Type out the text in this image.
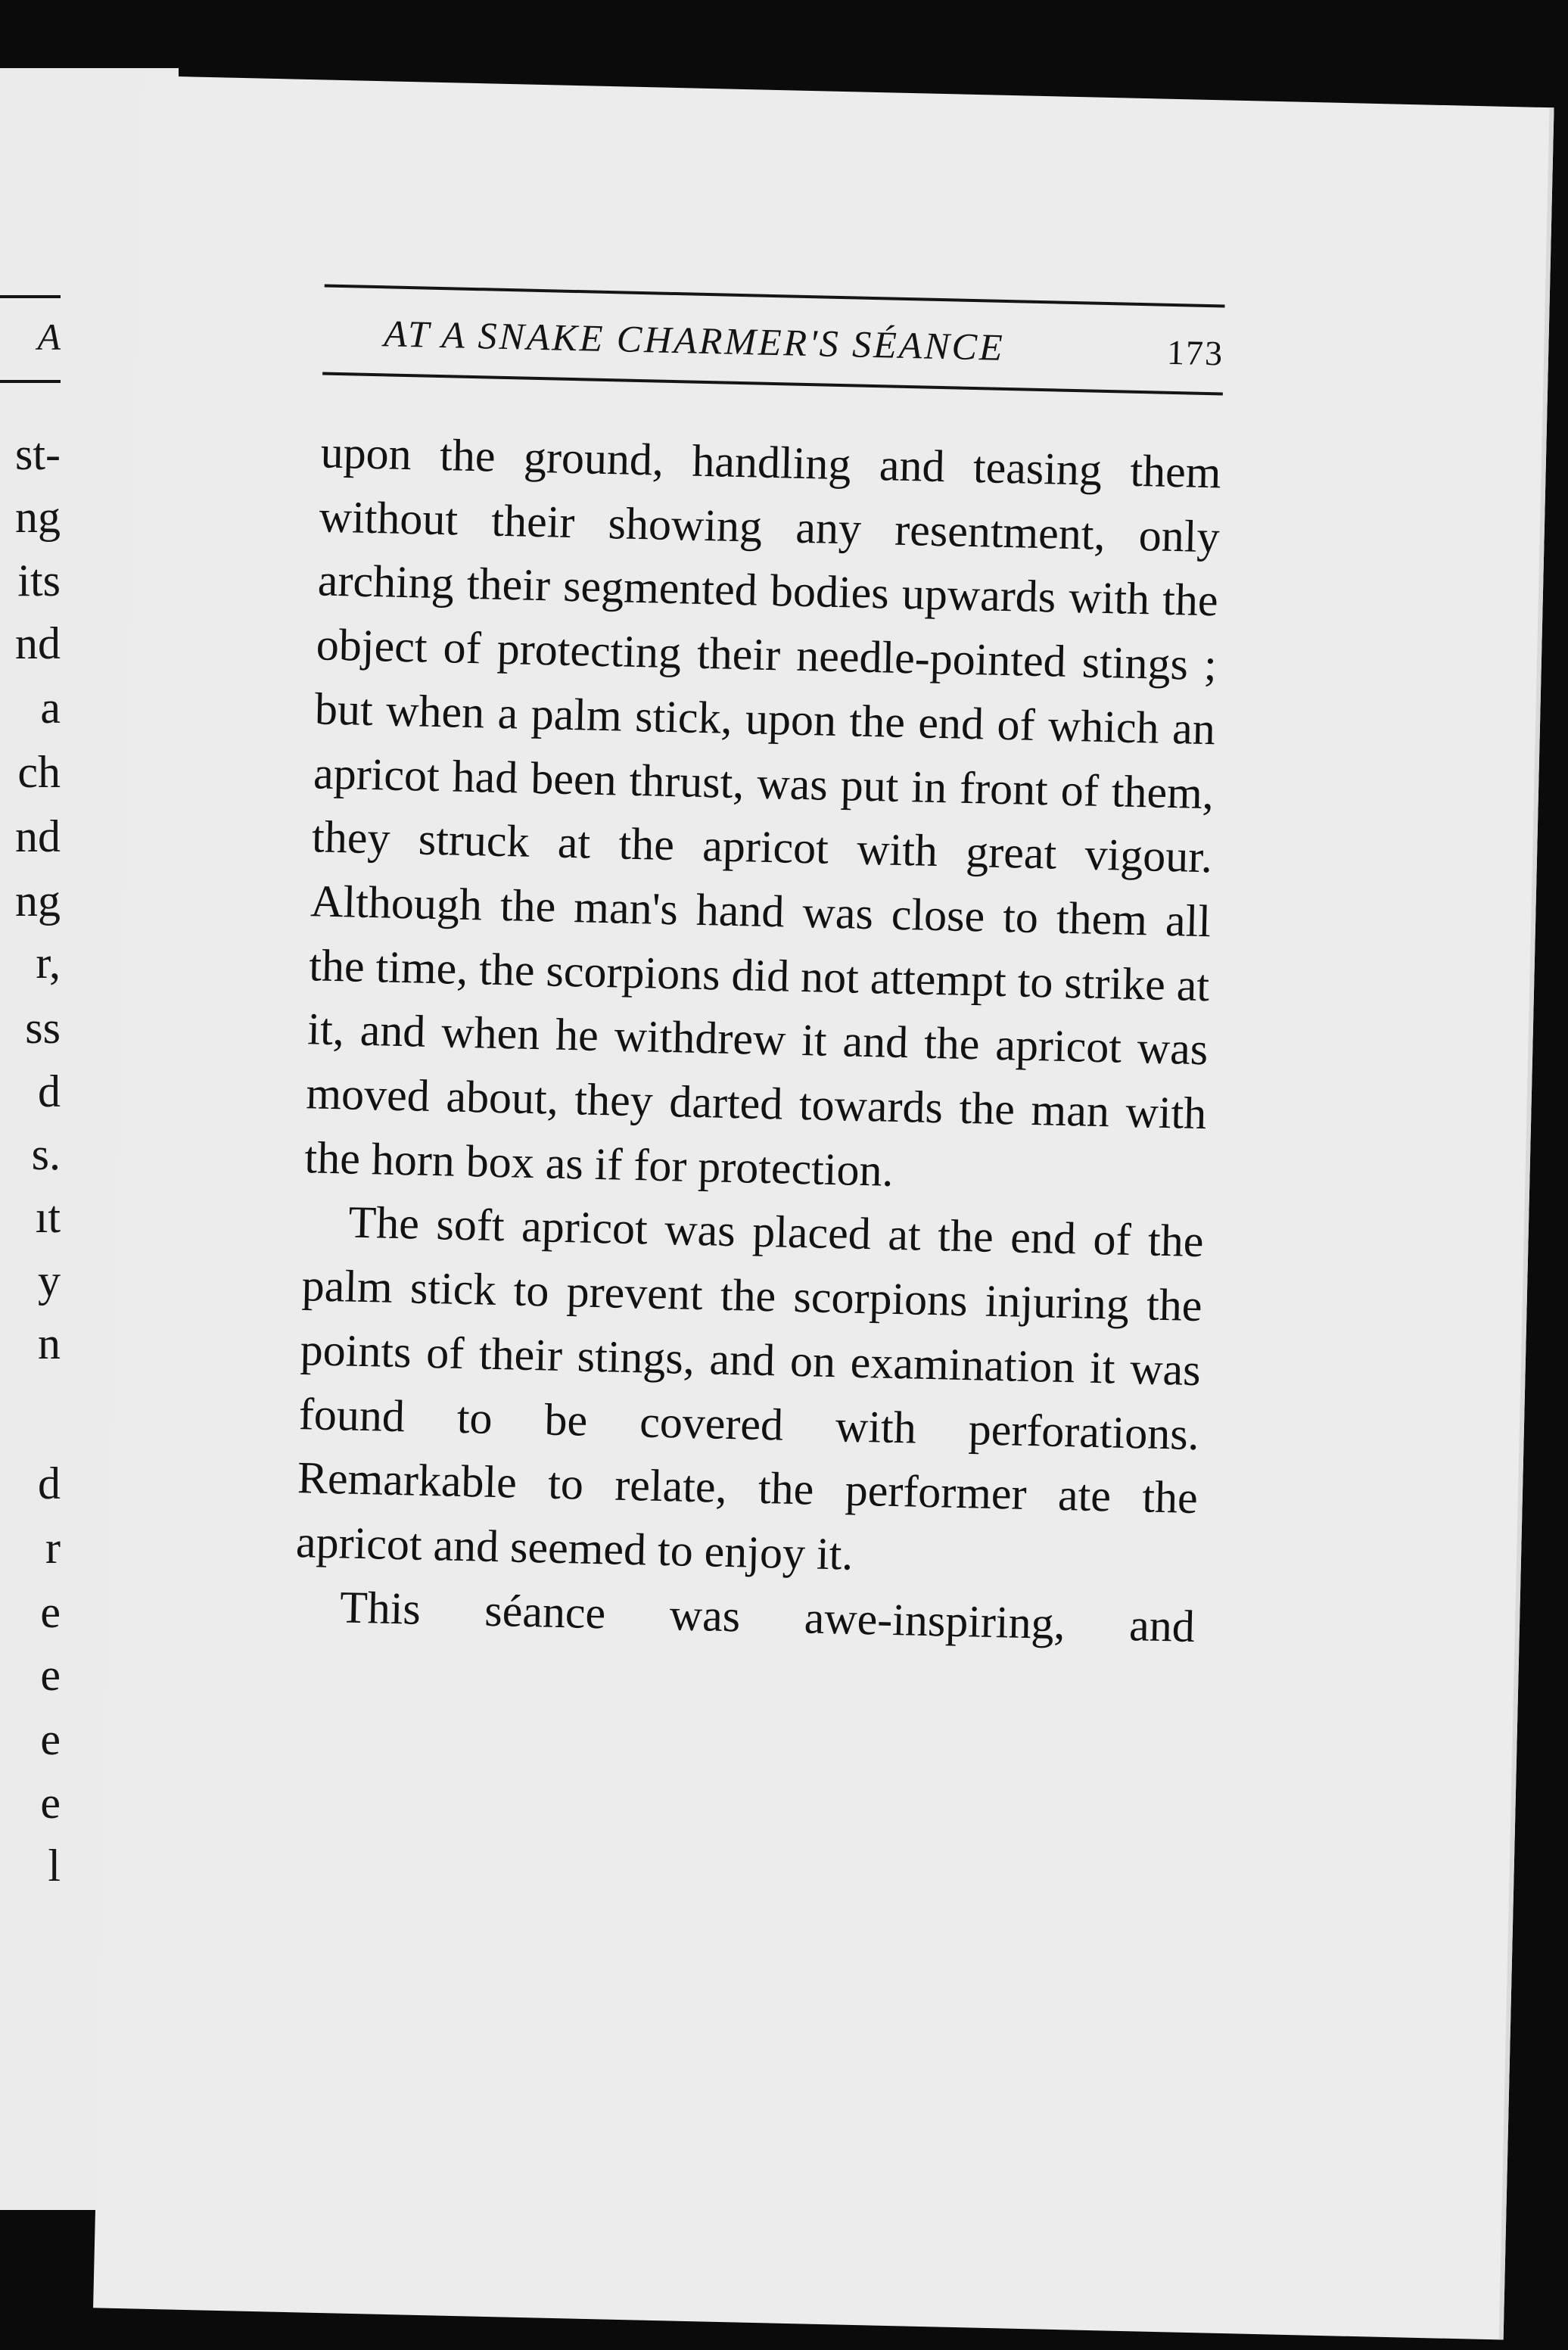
A
st-
ng
its
nd
a
ch
nd
ng
r,
ss
d
s.
ıt
y
n
d
r
e
e
e
e
l
AT A SNAKE CHARMER'S SÉANCE	173

upon the ground, handling and teasing them without their showing any resentment, only arching their segmented bodies upwards with the object of protecting their needle-pointed stings ; but when a palm stick, upon the end of which an apricot had been thrust, was put in front of them, they struck at the apricot with great vigour. Although the man's hand was close to them all the time, the scorpions did not attempt to strike at it, and when he withdrew it and the apricot was moved about, they darted towards the man with the horn box as if for protection.

The soft apricot was placed at the end of the palm stick to prevent the scorpions injuring the points of their stings, and on examination it was found to be covered with perforations. Remarkable to relate, the performer ate the apricot and seemed to enjoy it.

This séance was awe-inspiring, and
